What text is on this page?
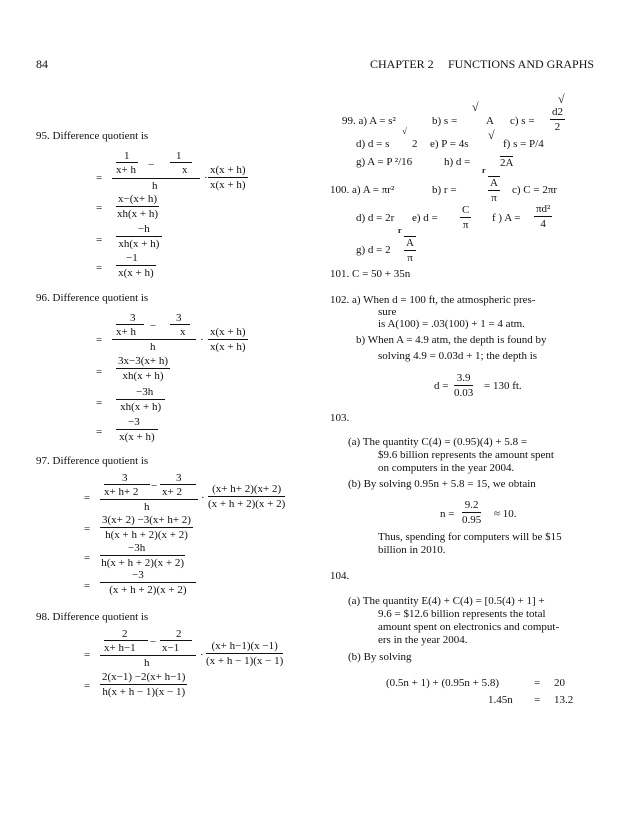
84	CHAPTER 2 FUNCTIONS AND GRAPHS
95. Difference quotient is
1	1
x+ h −	x
=
h
· $\frac{x(x + h)}{x(x + h)}$
= $\frac{x-(x+ h)}{xh(x + h)}$
= $\frac{-h}{xh(x + h)}$
= $\frac{-1}{x(x + h)}$
96. Difference quotient is
3	3
x+ h − x
=
h
· $\frac{x(x + h)}{x(x + h)}$
= $\frac{3x-3(x+ h)}{xh(x + h)}$
= $\frac{-3h}{xh(x + h)}$
= $\frac{-3}{x(x + h)}$
97. Difference quotient is
3	3
x+ h+ 2 − x+ 2
=
h
· $\frac{(x+ h+ 2)(x+ 2)}{(x + h + 2)(x + 2)}$
= $\frac{3(x+ 2) -3(x+ h+ 2)}{h(x + h + 2)(x + 2)}$
= $\frac{-3h}{h(x + h + 2)(x + 2)}$
= $\frac{-3}{(x + h + 2)(x + 2)}$
98. Difference quotient is
2	2
x+ h−1 − x−1
=
h
· $\frac{(x+ h-1)(x -1)}{(x + h - 1)(x - 1)}$
= $\frac{2(x-1) -2(x+ h-1)}{h(x + h - 1)(x - 1)}$
99. a) A = s²	b) s =
√
A c) s =
√
$\frac{d2}{2}$
d) d = s
√
2 e) P = 4s
√
f) s = P/4
g) A = P ²/16	h) d =	2A
100. a) A = πr²	b) r =
r
$\frac{A}{\pi} c$) C = 2πr
d) d = 2r e) $d = \frac{C}{\pi}$ f ) $A = \frac{\text{πd²}}{4}$
g) d = 2
r
$\frac{A}{\pi}$
101. C = 50 + 35n
102. a) When d = 100 ft, the atmospheric pres-
sure
is A(100) = .03(100) + 1 = 4 atm.
b) When A = 4.9 atm, the depth is found by
solving 4.9 = 0.03d + 1; the depth is
$d = \frac{3.9}{0.03} = 130$ ft.
103.
(a) The quantity C(4) = (0.95)(4) + 5.8 =
$9.6 billion represents the amount spent
on computers in the year 2004.
(b) By solving 0.95n + 5.8 = 15, we obtain
$n = \frac{9.2}{0.95} \approx 10$.
Thus, spending for computers will be $15
billion in 2010.
104.
(a) The quantity E(4) + C(4) = [0.5(4) + 1] +
9.6 = $12.6 billion represents the total
amount spent on electronics and comput-
ers in the year 2004.
(b) By solving
(0.5n + 1) + (0.95n + 5.8)	= 20
1.45n = 13.2
